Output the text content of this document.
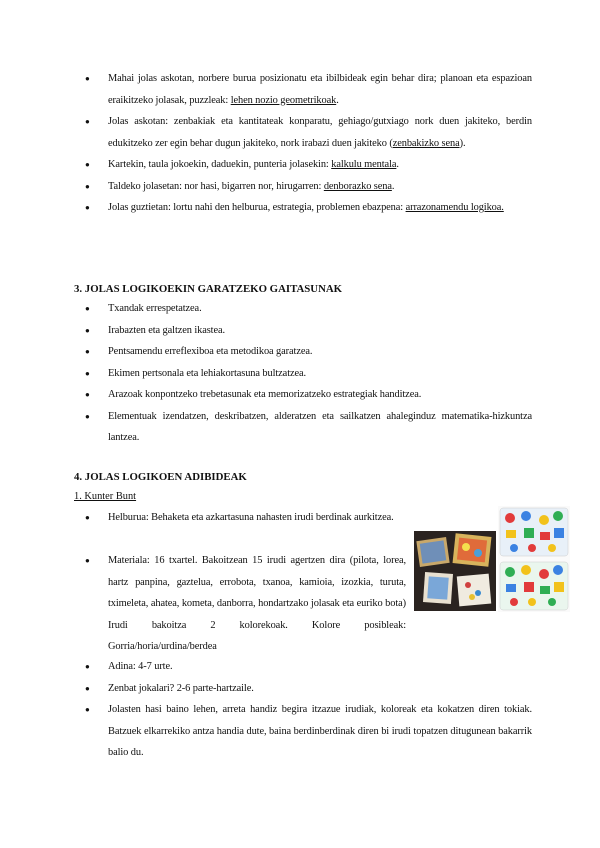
● Mahai jolas askotan, norbere burua posizionatu eta ibilbideak egin behar dira; planoan eta espazioan eraikitzeko jolasak, puzzleak: lehen nozio geometrikoak.
● Jolas askotan: zenbakiak eta kantitateak konparatu, gehiago/gutxiago nork duen jakiteko, berdin edukitzeko zer egin behar dugun jakiteko, nork irabazi duen jakiteko (zenbakizko sena).
● Kartekin, taula jokoekin, daduekin, punteria jolasekin: kalkulu mentala.
● Taldeko jolasetan: nor hasi, bigarren nor, hirugarren: denborazko sena.
● Jolas guztietan: lortu nahi den helburua, estrategia, problemen ebazpena: arrazonamendu logikoa.
3. JOLAS LOGIKOEKIN GARATZEKO GAITASUNAK
● Txandak errespetatzea.
● Irabazten eta galtzen ikastea.
● Pentsamendu erreflexiboa eta metodikoa garatzea.
● Ekimen pertsonala eta lehiakortasuna bultzatzea.
● Arazoak konpontzeko trebetasunak eta memorizatzeko estrategiak handitzea.
● Elementuak izendatzen, deskribatzen, alderatzen eta sailkatzen ahaleginduz matematika-hizkuntza lantzea.
4. JOLAS LOGIKOEN ADIBIDEAK
1. Kunter Bunt
● Helburua: Behaketa eta azkartasuna nahasten irudi berdinak aurkitzea.
● Materiala: 16 txartel. Bakoitzean 15 irudi agertzen dira (pilota, lorea, hartz panpina, gaztelua, errobota, txanoa, kamioia, izozkia, turuta, tximeleta, ahatea, kometa, danborra, hondartzako jolasak eta euriko bota) Irudi bakoitza 2 kolorekoak. Kolore posibleak: Gorria/horia/urdina/berdea
● Adina: 4-7 urte.
● Zenbat jokalari? 2-6 parte-hartzaile.
● Jolasten hasi baino lehen, arreta handiz begira itzazue irudiak, koloreak eta kokatzen diren tokiak. Batzuek elkarrekiko antza handia dute, baina berdinberdinak diren bi irudi topatzen ditugunean bakarrik balio du.
